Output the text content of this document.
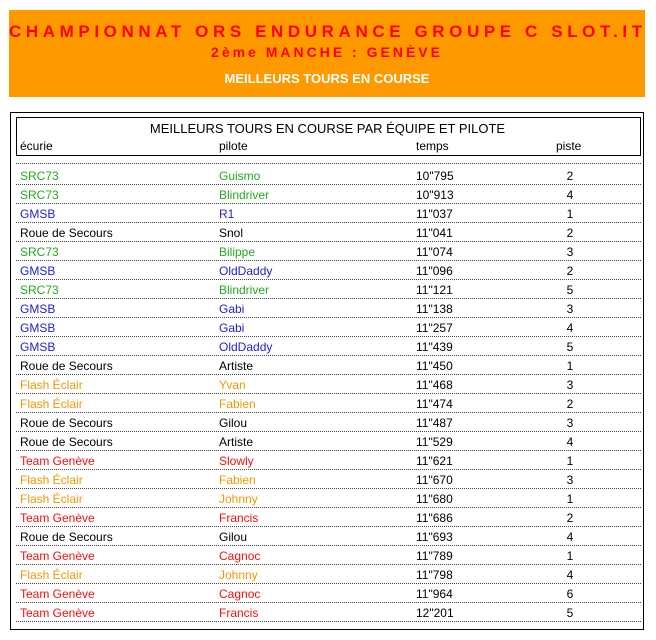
CHAMPIONNAT ORS ENDURANCE GROUPE C SLOT.IT
2ème MANCHE : GENÈVE
MEILLEURS TOURS EN COURSE
MEILLEURS TOURS EN COURSE PAR ÉQUIPE ET PILOTE
écurie	pilote	temps	piste
SRC73	Guismo	10"795	2
SRC73	Blindriver	10"913	4
GMSB	R1	11"037	1
Roue de Secours	Snol	11"041	2
SRC73	Bilippe	11"074	3
GMSB	OldDaddy	11"096	2
SRC73	Blindriver	11"121	5
GMSB	Gabi	11"138	3
GMSB	Gabi	11"257	4
GMSB	OldDaddy	11"439	5
Roue de Secours	Artiste	11"450	1
Flash Éclair	Yvan	11"468	3
Flash Éclair	Fabien	11"474	2
Roue de Secours	Gilou	11"487	3
Roue de Secours	Artiste	11"529	4
Team Genève	Slowly	11"621	1
Flash Éclair	Fabien	11"670	3
Flash Éclair	Johnny	11"680	1
Team Genève	Francis	11"686	2
Roue de Secours	Gilou	11"693	4
Team Genève	Cagnoc	11"789	1
Flash Éclair	Johnny	11"798	4
Team Genève	Cagnoc	11"964	6
Team Genève	Francis	12"201	5
